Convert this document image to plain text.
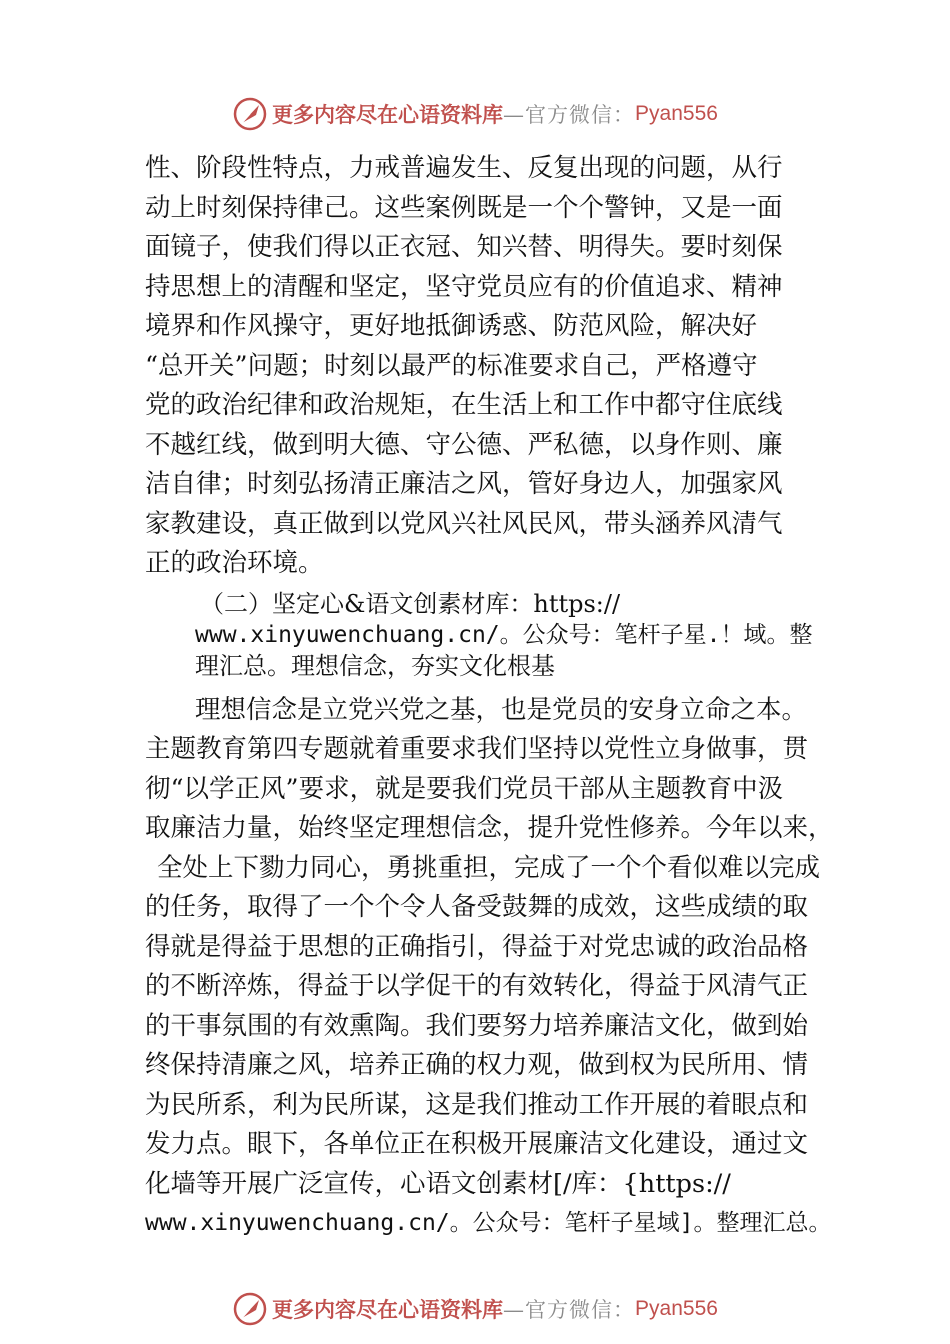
更多内容尽在心语资料库 —官方微信： Pyan556
性、阶段性特点，力戒普遍发生、反复出现的问题，从行
动上时刻保持律己。这些案例既是一个个警钟，又是一面
面镜子，使我们得以正衣冠、知兴替、明得失。要时刻保
持思想上的清醒和坚定，坚守党员应有的价值追求、精神
境界和作风操守，更好地抵御诱惑、防范风险，解决好
“总开关”问题；时刻以最严的标准要求自己，严格遵守
党的政治纪律和政治规矩，在生活上和工作中都守住底线
不越红线，做到明大德、守公德、严私德，以身作则、廉
洁自律；时刻弘扬清正廉洁之风，管好身边人，加强家风
家教建设，真正做到以党风兴社风民风，带头涵养风清气
正的政治环境。
（二）坚定心&语文创素材库：https://
www.xinyuwenchuang.cn/。公众号：笔杆子星.！域。整
理汇总。理想信念，夯实文化根基
理想信念是立党兴党之基，也是党员的安身立命之本。
主题教育第四专题就着重要求我们坚持以党性立身做事，贯
彻“以学正风”要求，就是要我们党员干部从主题教育中汲
取廉洁力量，始终坚定理想信念，提升党性修养。今年以来，
全处上下勠力同心，勇挑重担，完成了一个个看似难以完成
的任务，取得了一个个令人备受鼓舞的成效，这些成绩的取
得就是得益于思想的正确指引，得益于对党忠诚的政治品格
的不断淬炼，得益于以学促干的有效转化，得益于风清气正
的干事氛围的有效熏陶。我们要努力培养廉洁文化，做到始
终保持清廉之风，培养正确的权力观，做到权为民所用、情
为民所系，利为民所谋，这是我们推动工作开展的着眼点和
发力点。眼下，各单位正在积极开展廉洁文化建设，通过文
化墙等开展广泛宣传，心语文创素材[/库：{https://
www.xinyuwenchuang.cn/。公众号：笔杆子星域]。整理汇总。
更多内容尽在心语资料库 —官方微信： Pyan556
